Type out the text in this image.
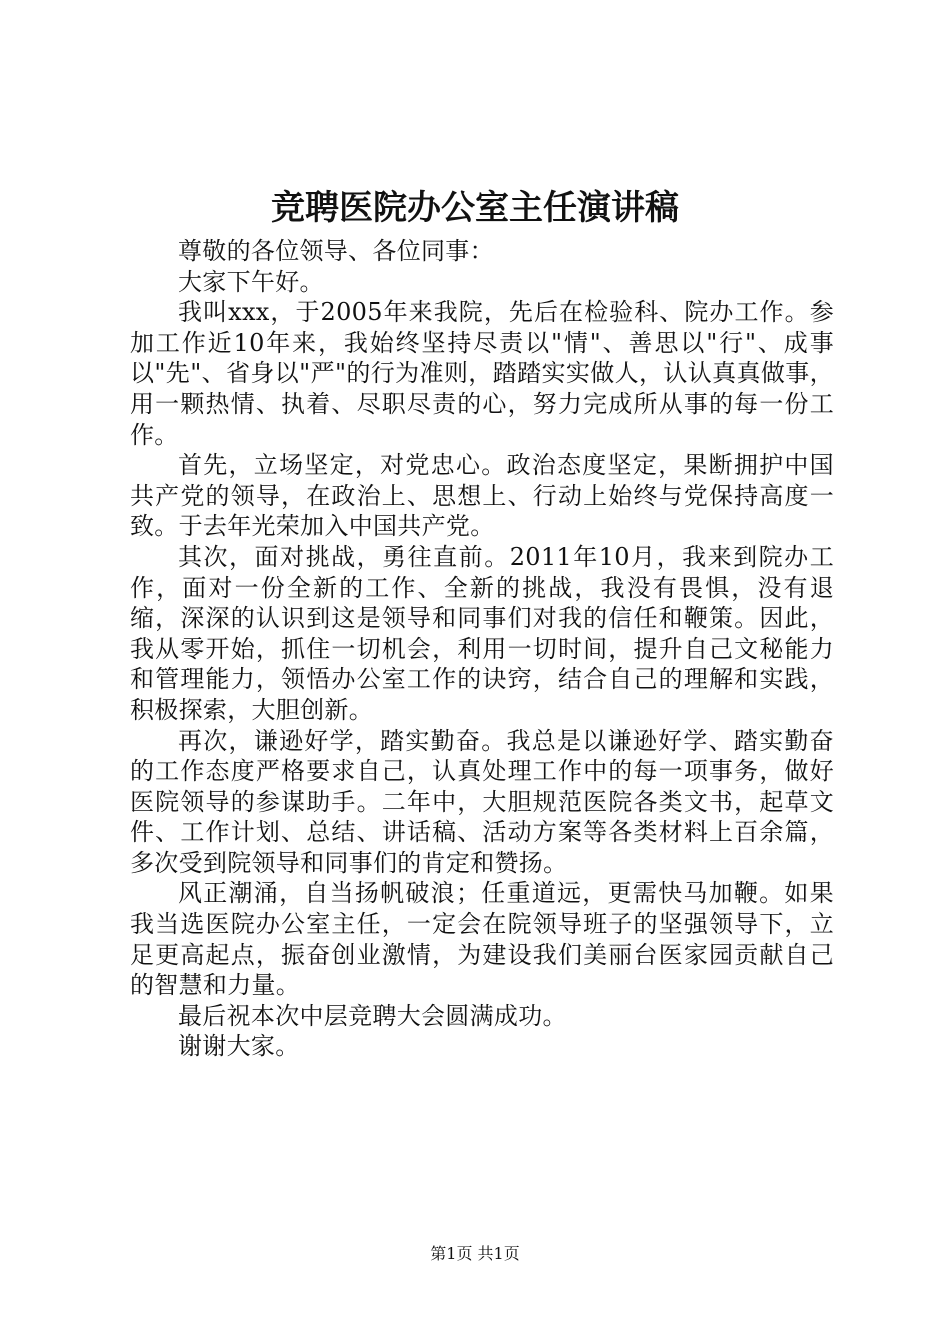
竞聘医院办公室主任演讲稿

尊敬的各位领导、各位同事：

大家下午好。

我叫xxx，于2005年来我院，先后在检验科、院办工作。参加工作近10年来，我始终坚持尽责以"情"、善思以"行"、成事以"先"、省身以"严"的行为准则，踏踏实实做人，认认真真做事，用一颗热情、执着、尽职尽责的心，努力完成所从事的每一份工作。

首先，立场坚定，对党忠心。政治态度坚定，果断拥护中国共产党的领导，在政治上、思想上、行动上始终与党保持高度一致。于去年光荣加入中国共产党。

其次，面对挑战，勇往直前。2011年10月，我来到院办工作，面对一份全新的工作、全新的挑战，我没有畏惧，没有退缩，深深的认识到这是领导和同事们对我的信任和鞭策。因此，我从零开始，抓住一切机会，利用一切时间，提升自己文秘能力和管理能力，领悟办公室工作的诀窍，结合自己的理解和实践，积极探索，大胆创新。

再次，谦逊好学，踏实勤奋。我总是以谦逊好学、踏实勤奋的工作态度严格要求自己，认真处理工作中的每一项事务，做好医院领导的参谋助手。二年中，大胆规范医院各类文书，起草文件、工作计划、总结、讲话稿、活动方案等各类材料上百余篇，多次受到院领导和同事们的肯定和赞扬。

风正潮涌，自当扬帆破浪；任重道远，更需快马加鞭。如果我当选医院办公室主任，一定会在院领导班子的坚强领导下，立足更高起点，振奋创业激情，为建设我们美丽台医家园贡献自己的智慧和力量。

最后祝本次中层竞聘大会圆满成功。

谢谢大家。

第1页 共1页
